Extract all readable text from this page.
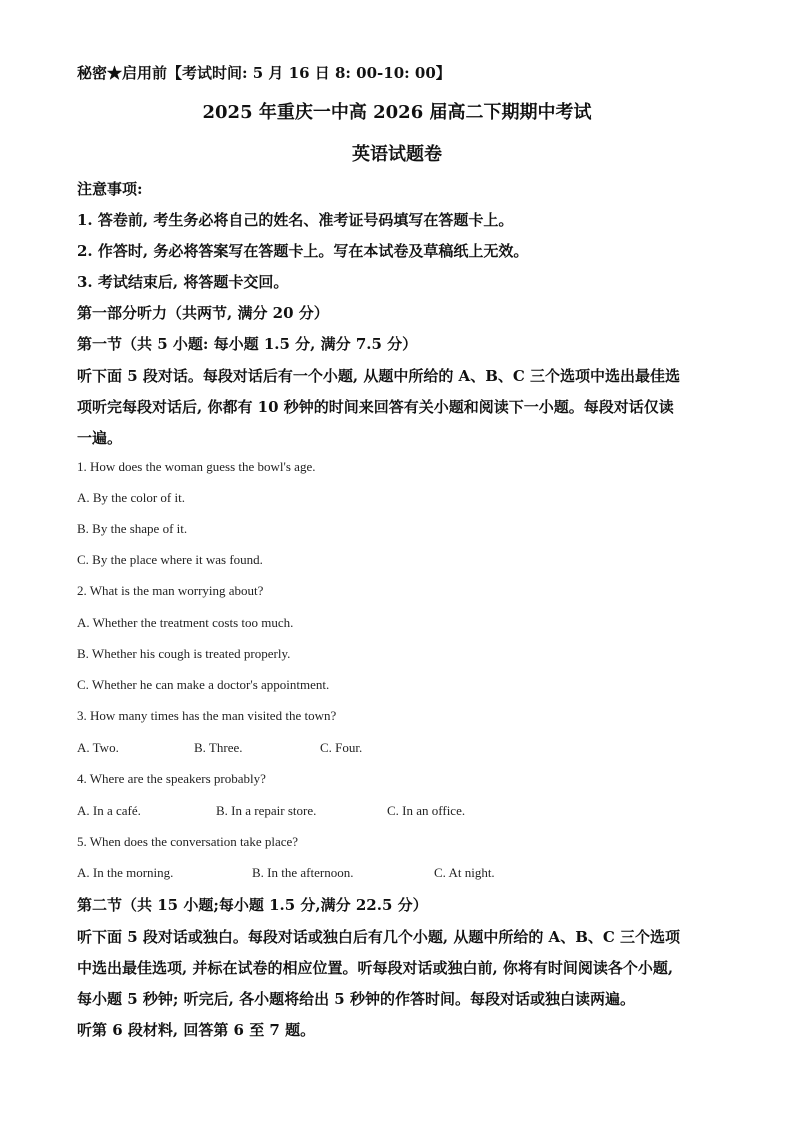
秘密★启用前【考试时间: 5 月 16 日 8: 00-10: 00】
2025 年重庆一中高 2026 届高二下期期中考试
英语试题卷
注意事项:
1. 答卷前, 考生务必将自己的姓名、准考证号码填写在答题卡上。
2. 作答时, 务必将答案写在答题卡上。写在本试卷及草稿纸上无效。
3. 考试结束后, 将答题卡交回。
第一部分听力（共两节, 满分 20 分）
第一节（共 5 小题: 每小题 1.5 分, 满分 7.5 分）
听下面 5 段对话。每段对话后有一个小题, 从题中所给的 A、B、C 三个选项中选出最佳选
项听完每段对话后, 你都有 10 秒钟的时间来回答有关小题和阅读下一小题。每段对话仅读
一遍。
1. How does the woman guess the bowl's age.
A. By the color of it.
B. By the shape of it.
C. By the place where it was found.
2. What is the man worrying about?
A. Whether the treatment costs too much.
B. Whether his cough is treated properly.
C. Whether he can make a doctor's appointment.
3. How many times has the man visited the town?
A. Two.	B. Three.	C. Four.
4. Where are the speakers probably?
A. In a café.	B. In a repair store.	C. In an office.
5. When does the conversation take place?
A. In the morning.	B. In the afternoon.	C. At night.
第二节（共 15 小题;每小题 1.5 分,满分 22.5 分）
听下面 5 段对话或独白。每段对话或独白后有几个小题, 从题中所给的 A、B、C 三个选项
中选出最佳选项, 并标在试卷的相应位置。听每段对话或独白前, 你将有时间阅读各个小题,
每小题 5 秒钟; 听完后, 各小题将给出 5 秒钟的作答时间。每段对话或独白读两遍。
听第 6 段材料, 回答第 6 至 7 题。
